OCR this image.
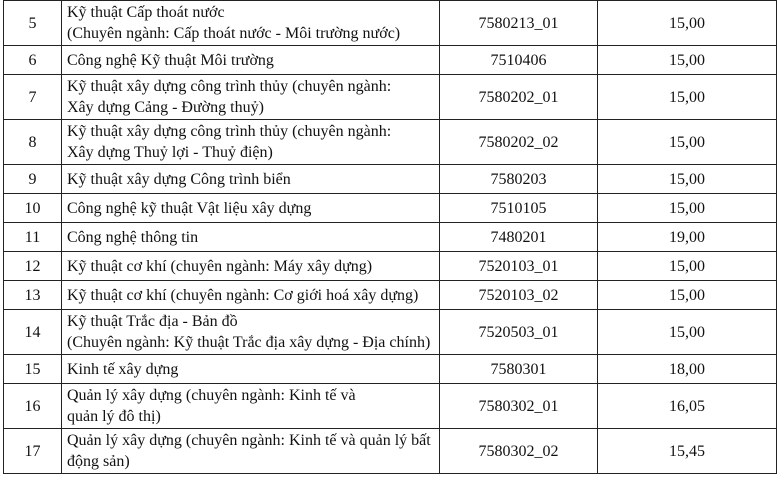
5	Kỹ thuật Cấp thoát nước
(Chuyên ngành: Cấp thoát nước - Môi trường nước)	7580213_01	15,00
6	Công nghệ Kỹ thuật Môi trường	7510406	15,00
7	Kỹ thuật xây dựng công trình thủy (chuyên ngành:
Xây dựng Cảng - Đường thuỷ)	7580202_01	15,00
8	Kỹ thuật xây dựng công trình thủy (chuyên ngành:
Xây dựng Thuỷ lợi - Thuỷ điện)	7580202_02	15,00
9	Kỹ thuật xây dựng Công trình biển	7580203	15,00
10	Công nghệ kỹ thuật Vật liệu xây dựng	7510105	15,00
11	Công nghệ thông tin	7480201	19,00
12	Kỹ thuật cơ khí (chuyên ngành: Máy xây dựng)	7520103_01	15,00
13	Kỹ thuật cơ khí (chuyên ngành: Cơ giới hoá xây dựng)	7520103_02	15,00
14	Kỹ thuật Trắc địa - Bản đồ
(Chuyên ngành: Kỹ thuật Trắc địa xây dựng - Địa chính)	7520503_01	15,00
15	Kinh tế xây dựng	7580301	18,00
16	Quản lý xây dựng (chuyên ngành: Kinh tế và
quản lý đô thị)	7580302_01	16,05
17	Quản lý xây dựng (chuyên ngành: Kinh tế và quản lý bất
động sản)	7580302_02	15,45
